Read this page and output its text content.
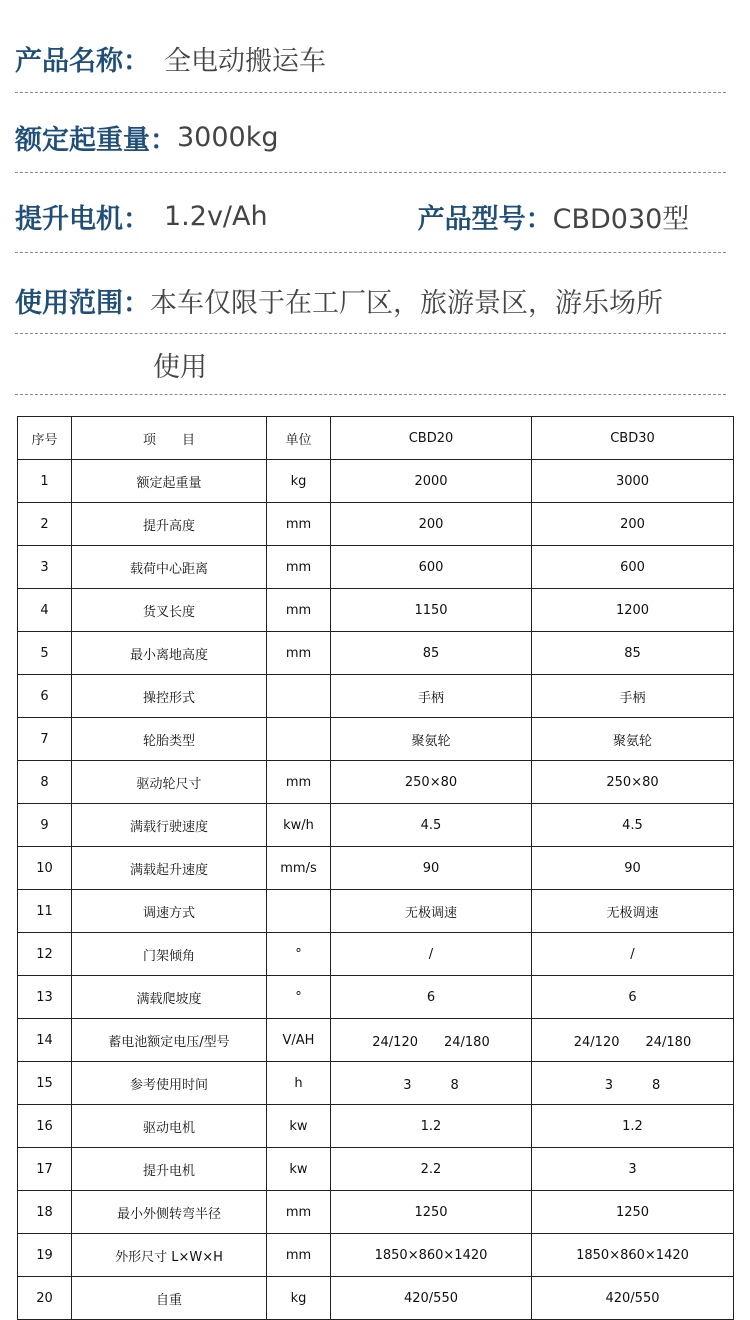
产品名称： 全电动搬运车
额定起重量： 3000kg
提升电机： 1.2v/Ah	产品型号： CBD030型
使用范围： 本车仅限于在工厂区，旅游景区，游乐场所
使用
序号	项　　目	单位	CBD20	CBD30
1	额定起重量	kg	2000	3000
2	提升高度	mm	200	200
3	载荷中心距离	mm	600	600
4	货叉长度	mm	1150	1200
5	最小离地高度	mm	85	85
6	操控形式		手柄	手柄
7	轮胎类型		聚氨轮	聚氨轮
8	驱动轮尺寸	mm	250×80	250×80
9	满载行驶速度	kw/h	4.5	4.5
10	满载起升速度	mm/s	90	90
11	调速方式		无极调速	无极调速
12	门架倾角	°	/	/
13	满载爬坡度	°	6	6
14	蓄电池额定电压/型号	V/AH	24/120　　24/180	24/120　　24/180
15	参考使用时间	h	3　　　8	3　　　8
16	驱动电机	kw	1.2	1.2
17	提升电机	kw	2.2	3
18	最小外侧转弯半径	mm	1250	1250
19	外形尺寸 L×W×H	mm	1850×860×1420	1850×860×1420
20	自重	kg	420/550	420/550
